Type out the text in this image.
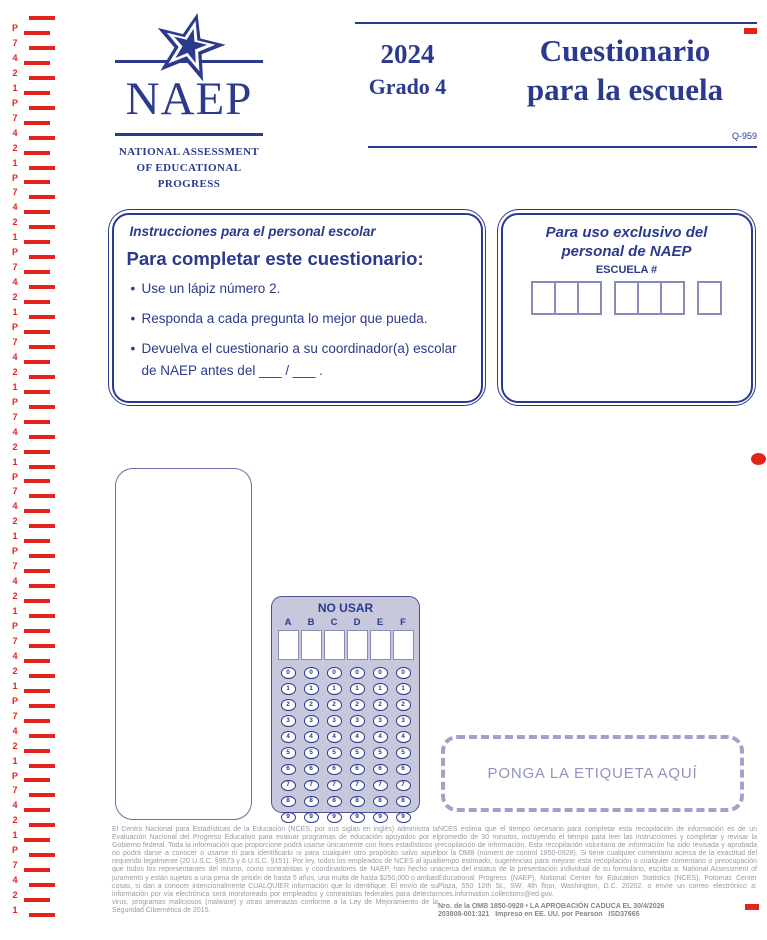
P
7
4
2
1
P
7
4
2
1
P
7
4
2
1
P
7
4
2
1
P
7
4
2
1
P
7
4
2
1
P
7
4
2
1
P
7
4
2
1
P
7
4
2
1
P
7
4
2
1
P
7
4
2
1
P
7
4
2
1
NAEP
NATIONAL ASSESSMENT
OF EDUCATIONAL
PROGRESS
2024
Grado 4
Cuestionario
para la escuela
Q-959
Instrucciones para el personal escolar
Para completar este cuestionario:
• Use un lápiz número 2.
• Responda a cada pregunta lo mejor que pueda.
• Devuelva el cuestionario a su coordinador(a) escolar de NAEP antes del ___ / ___ .
Para uso exclusivo del
personal de NAEP
ESCUELA #
NO USAR
A	B	C	D	E	F
0	0	0	0	0	0
1	1	1	1	1	1
2	2	2	2	2	2
3	3	3	3	3	3
4	4	4	4	4	4
5	5	5	5	5	5
6	6	6	6	6	6
7	7	7	7	7	7
8	8	8	8	8	8
9	9	9	9	9	9
PONGA LA ETIQUETA AQUÍ
El Centro Nacional para Estadísticas de la Educación (NCES, por sus siglas en inglés) administra la Evaluación Nacional del Progreso Educativo para evaluar programas de educación apoyados por el Gobierno federal. Toda la información que proporcione podrá usarse únicamente con fines estadísticos y no podrá darse a conocer o usarse ni para identificarlo ni para cualquier otro propósito salvo aquel requerido legalmente (20 U.S.C. §9573 y 6 U.S.C. §151). Por ley, todos los empleados de NCES al igual que todos los representantes del mismo, como contratistas y coordinadores de NAEP, han hecho un juramento y están sujetos a una pena de prisión de hasta 5 años, una multa de hasta $250,000 o ambas cosas, si dan a conocer intencionalmente CUALQUIER información que lo identifique. El envío de su información por vía electrónica será monitoreado por empleados y contratistas federales para detectar virus, programas maliciosos (malware) y otras amenazas conforme a la Ley de Mejoramiento de la Seguridad Cibernética de 2015.
NCES estima que el tiempo necesario para completar esta recopilación de información es de un promedio de 30 minutos, incluyendo el tiempo para leer las instrucciones y completar y revisar la recopilación de información. Esta recopilación voluntaria de información ha sido revisada y aprobada por la OMB (número de control 1850-0928). Si tiene cualquier comentario acerca de la exactitud del tiempo estimado, sugerencias para mejorar esta recopilación o cualquier comentario o preocupación acerca del estatus de la presentación individual de su formulario, escriba a: National Assessment of Educational Progress (NAEP), National Center for Education Statistics (NCES), Potomac Center Plaza, 550 12th St., SW, 4th floor, Washington, D.C. 20202, o envíe un correo electrónico a: nces.information.collections@ed.gov.
Nro. de la OMB 1850-0928 • LA APROBACIÓN CADUCA EL 30/4/2026
203808-001:321   Impreso en EE. UU. por Pearson   ISD37665
